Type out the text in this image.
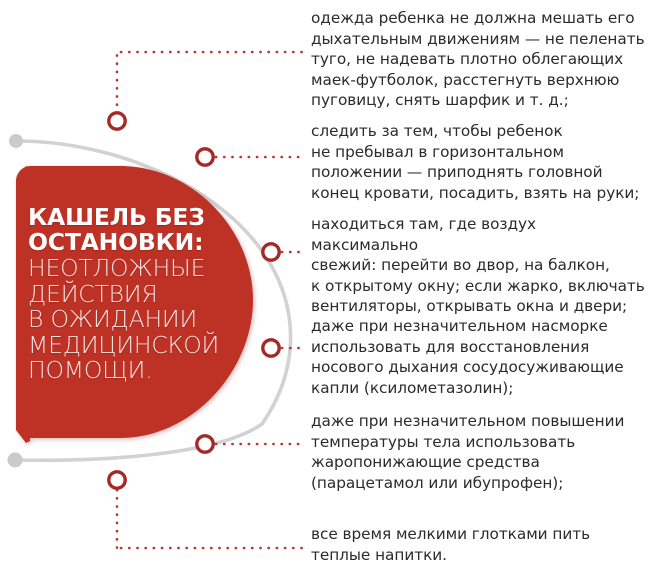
КАШЕЛЬ БЕЗ
ОСТАНОВКИ:
НЕОТЛОЖНЫЕ
ДЕЙСТВИЯ
В ОЖИДАНИИ
МЕДИЦИНСКОЙ
ПОМОЩИ.

одежда ребенка не должна мешать его

дыхательным движениям — не пеленать

туго, не надевать плотно облегающих

маек-футболок, расстегнуть верхнюю

пуговицу, снять шарфик и т. д.;

следить за тем, чтобы ребенок

не пребывал в горизонтальном

положении — приподнять головной

конец кровати, посадить, взять на руки;

находиться там, где воздух максимально

свежий: перейти во двор, на балкон,

к открытому окну; если жарко, включать

вентиляторы, открывать окна и двери;

даже при незначительном насморке

использовать для восстановления

носового дыхания сосудосуживающие

капли (ксилометазолин);

даже при незначительном повышении

температуры тела использовать

жаропонижающие средства

(парацетамол или ибупрофен);

все время мелкими глотками пить

теплые напитки.
